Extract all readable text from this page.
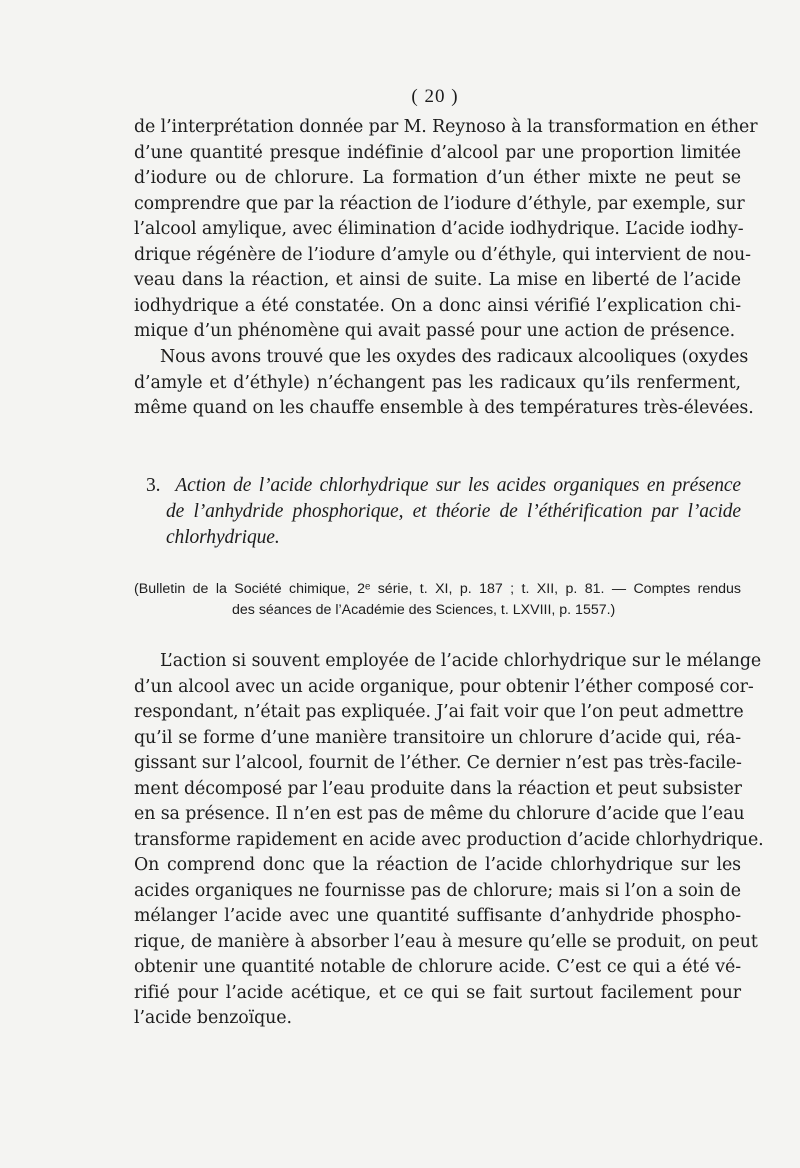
( 20 )
de l’interprétation donnée par M. Reynoso à la transformation en éther
d’une quantité presque indéfinie d’alcool par une proportion limitée
d’iodure ou de chlorure. La formation d’un éther mixte ne peut se
comprendre que par la réaction de l’iodure d’éthyle, par exemple, sur
l’alcool amylique, avec élimination d’acide iodhydrique. L’acide iodhy-
drique régénère de l’iodure d’amyle ou d’éthyle, qui intervient de nou-
veau dans la réaction, et ainsi de suite. La mise en liberté de l’acide
iodhydrique a été constatée. On a donc ainsi vérifié l’explication chi-
mique d’un phénomène qui avait passé pour une action de présence.
Nous avons trouvé que les oxydes des radicaux alcooliques (oxydes
d’amyle et d’éthyle) n’échangent pas les radicaux qu’ils renferment,
même quand on les chauffe ensemble à des températures très-élevées.
3. Action de l’acide chlorhydrique sur les acides organiques en présence
de l’anhydride phosphorique, et théorie de l’éthérification par l’acide
chlorhydrique.
(Bulletin de la Société chimique, 2ᵉ série, t. XI, p. 187 ; t. XII, p. 81. — Comptes rendus
des séances de l’Académie des Sciences, t. LXVIII, p. 1557.)
L’action si souvent employée de l’acide chlorhydrique sur le mélange
d’un alcool avec un acide organique, pour obtenir l’éther composé cor-
respondant, n’était pas expliquée. J’ai fait voir que l’on peut admettre
qu’il se forme d’une manière transitoire un chlorure d’acide qui, réa-
gissant sur l’alcool, fournit de l’éther. Ce dernier n’est pas très-facile-
ment décomposé par l’eau produite dans la réaction et peut subsister
en sa présence. Il n’en est pas de même du chlorure d’acide que l’eau
transforme rapidement en acide avec production d’acide chlorhydrique.
On comprend donc que la réaction de l’acide chlorhydrique sur les
acides organiques ne fournisse pas de chlorure; mais si l’on a soin de
mélanger l’acide avec une quantité suffisante d’anhydride phospho-
rique, de manière à absorber l’eau à mesure qu’elle se produit, on peut
obtenir une quantité notable de chlorure acide. C’est ce qui a été vé-
rifié pour l’acide acétique, et ce qui se fait surtout facilement pour
l’acide benzoïque.
